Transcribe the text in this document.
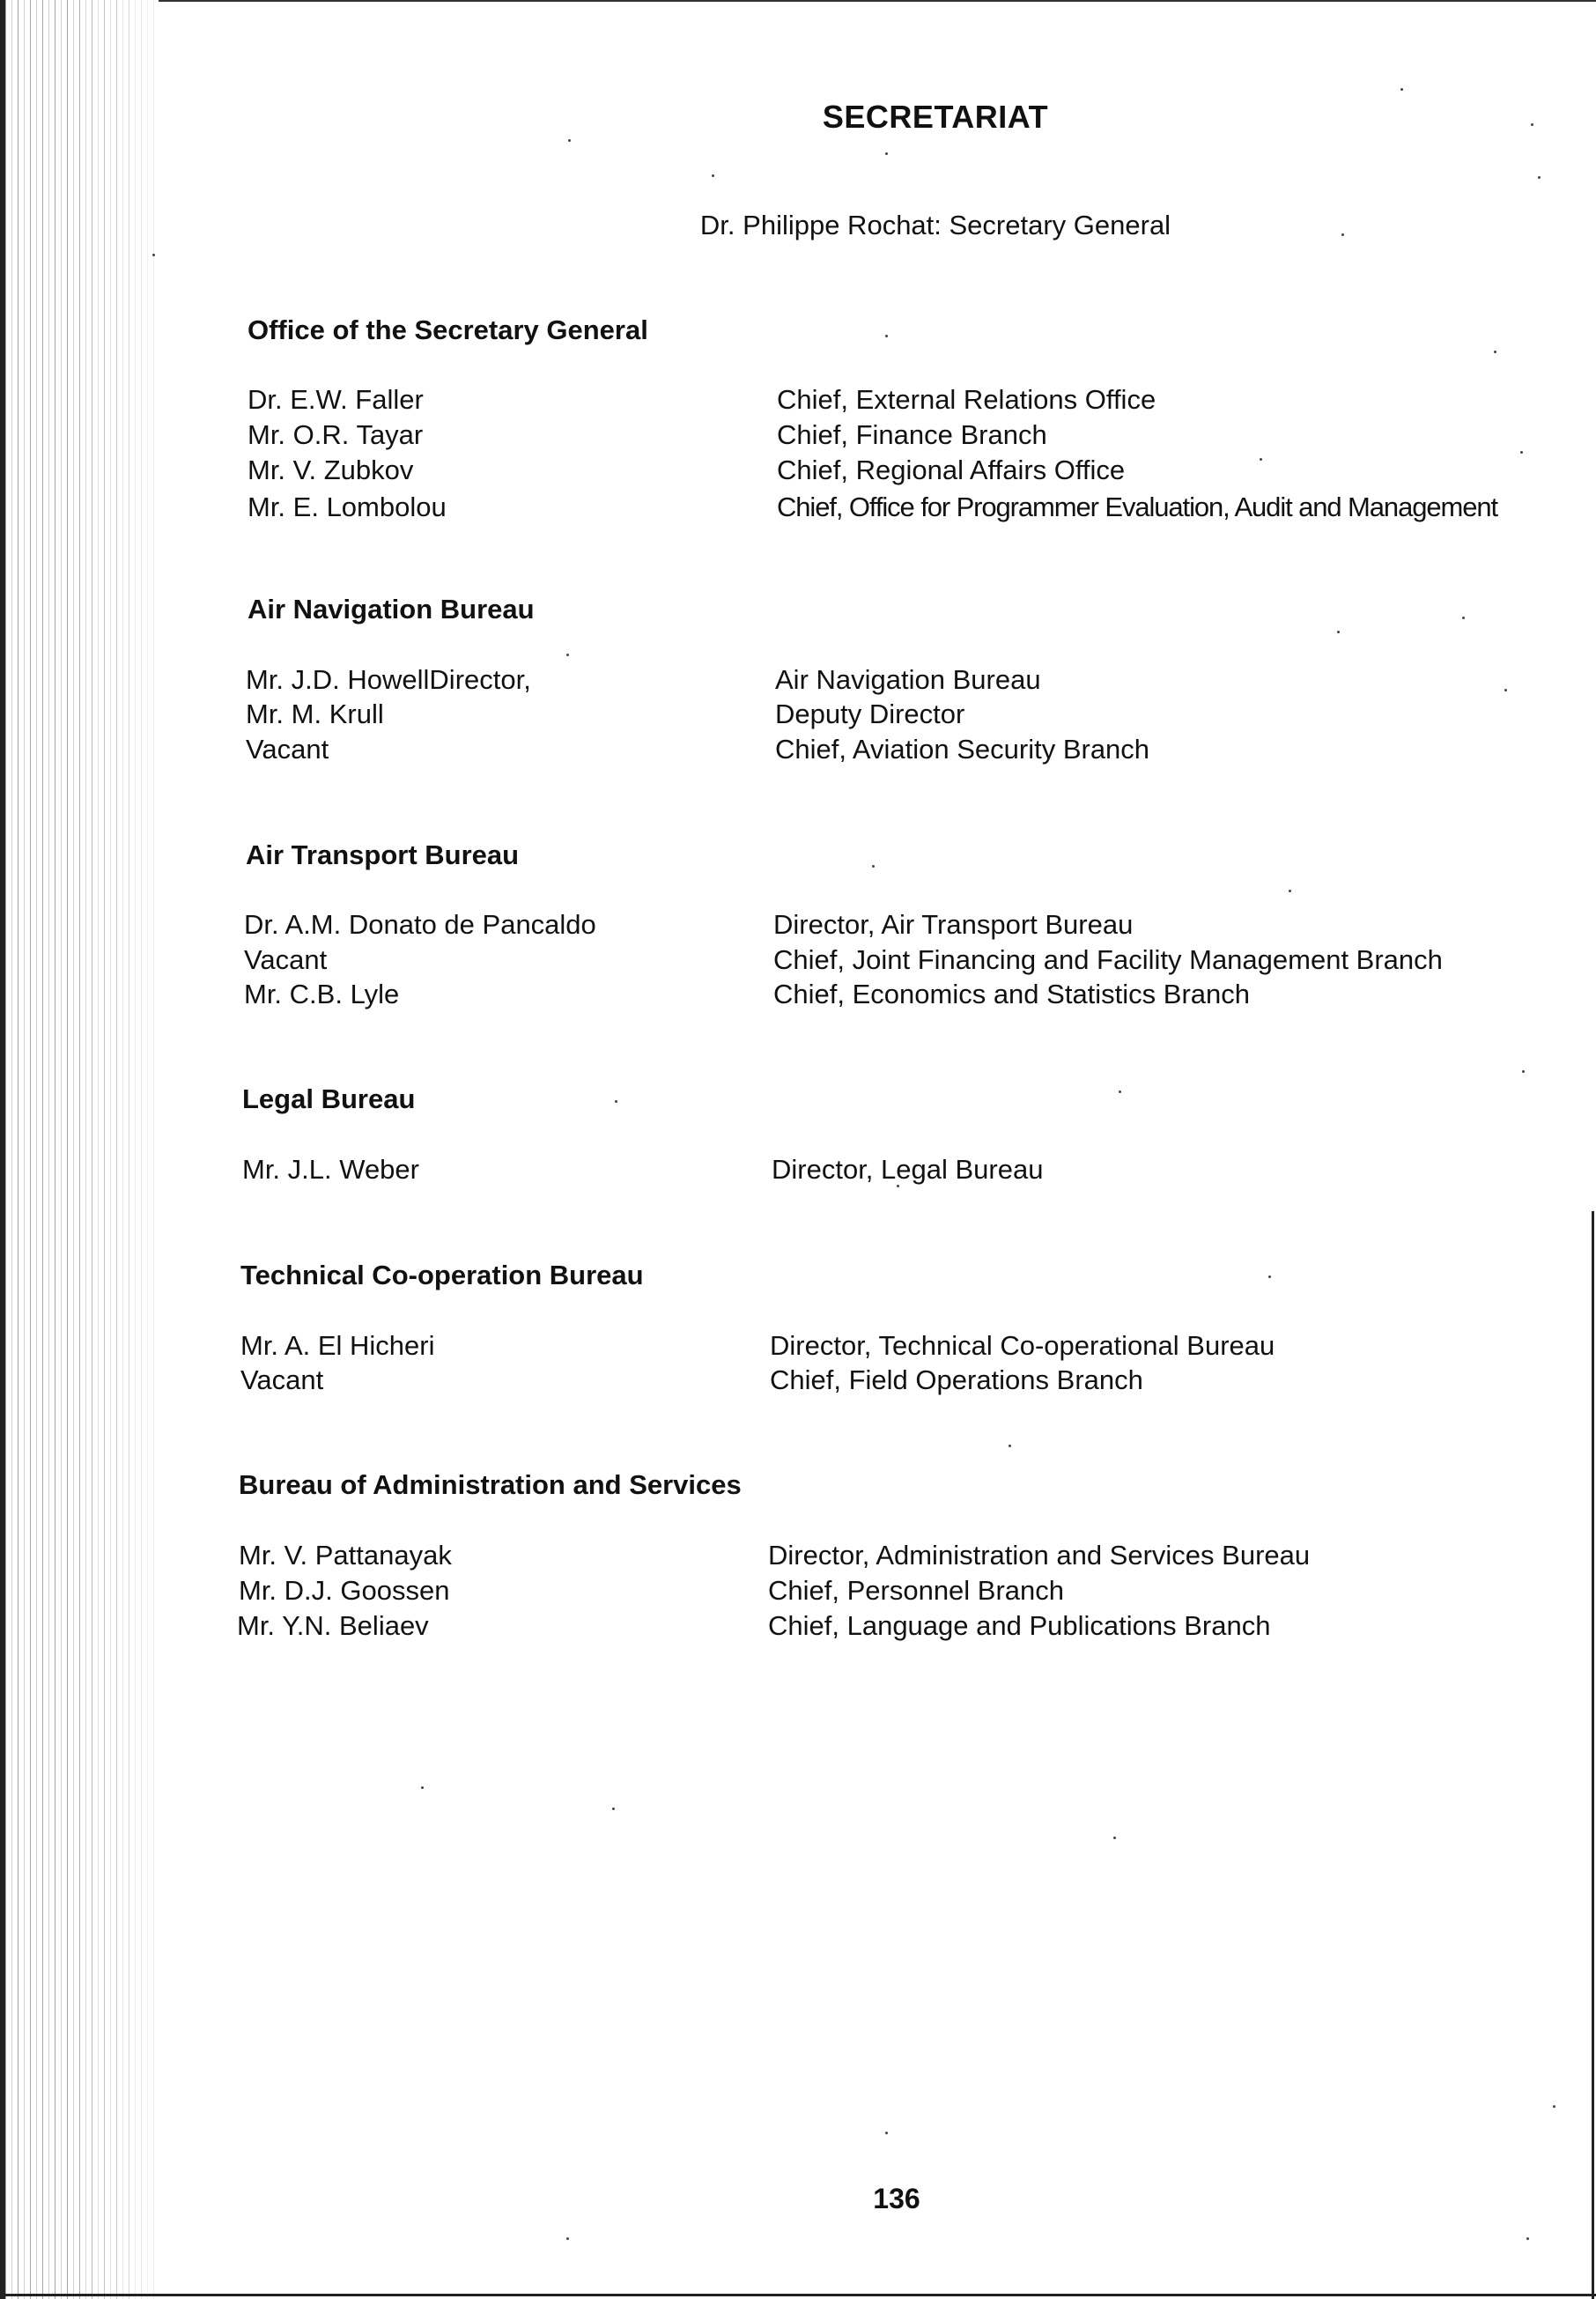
SECRETARIAT
Dr. Philippe Rochat: Secretary General
Office of the Secretary General
Dr. E.W. Faller	Chief, External Relations Office
Mr. O.R. Tayar	Chief, Finance Branch
Mr. V. Zubkov	Chief, Regional Affairs Office
Mr. E. Lombolou	Chief, Office for Programmer Evaluation, Audit and Management
Air Navigation Bureau
Mr. J.D. HowellDirector,	Air Navigation Bureau
Mr. M. Krull	Deputy Director
Vacant	Chief, Aviation Security Branch
Air Transport Bureau
Dr. A.M. Donato de Pancaldo	Director, Air Transport Bureau
Vacant	Chief, Joint Financing and Facility Management Branch
Mr. C.B. Lyle	Chief, Economics and Statistics Branch
Legal Bureau
Mr. J.L. Weber	Director, Legal Bureau
Technical Co-operation Bureau
Mr. A. El Hicheri	Director, Technical Co-operational Bureau
Vacant	Chief, Field Operations Branch
Bureau of Administration and Services
Mr. V. Pattanayak	Director, Administration and Services Bureau
Mr. D.J. Goossen	Chief, Personnel Branch
Mr. Y.N. Beliaev	Chief, Language and Publications Branch
136
